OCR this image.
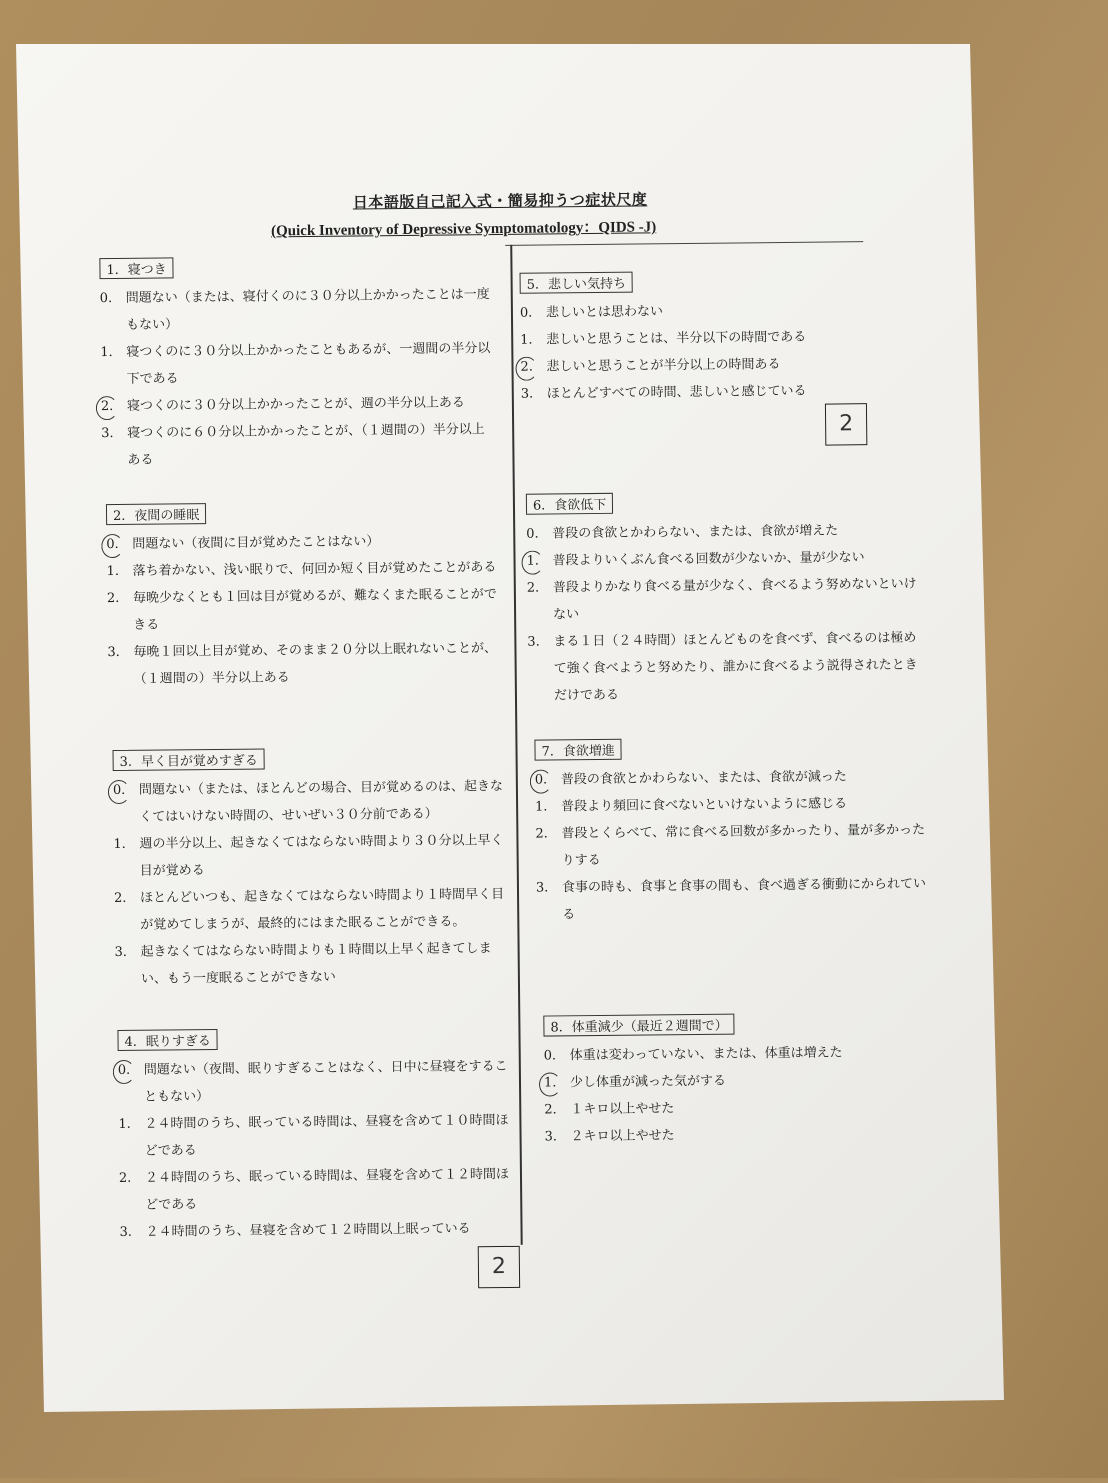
日本語版自己記入式・簡易抑うつ症状尺度
(Quick Inventory of Depressive Symptomatology：QIDS -J)
1．寝つき
0． 問題ない（または、寝付くのに３０分以上かかったことは一度もない）
1． 寝つくのに３０分以上かかったこともあるが、一週間の半分以下である
2． 寝つくのに３０分以上かかったことが、週の半分以上ある
3． 寝つくのに６０分以上かかったことが、（１週間の）半分以上ある
2．夜間の睡眠
0． 問題ない（夜間に目が覚めたことはない）
1． 落ち着かない、浅い眠りで、何回か短く目が覚めたことがある
2． 毎晩少なくとも１回は目が覚めるが、難なくまた眠ることができる
3． 毎晩１回以上目が覚め、そのまま２０分以上眠れないことが、（１週間の）半分以上ある
3．早く目が覚めすぎる
0． 問題ない（または、ほとんどの場合、目が覚めるのは、起きなくてはいけない時間の、せいぜい３０分前である）
1． 週の半分以上、起きなくてはならない時間より３０分以上早く目が覚める
2． ほとんどいつも、起きなくてはならない時間より１時間早く目が覚めてしまうが、最終的にはまた眠ることができる。
3． 起きなくてはならない時間よりも１時間以上早く起きてしまい、もう一度眠ることができない
4．眠りすぎる
0． 問題ない（夜間、眠りすぎることはなく、日中に昼寝をすることもない）
1． ２４時間のうち、眠っている時間は、昼寝を含めて１０時間ほどである
2． ２４時間のうち、眠っている時間は、昼寝を含めて１２時間ほどである
3． ２４時間のうち、昼寝を含めて１２時間以上眠っている
5．悲しい気持ち
0． 悲しいとは思わない
1． 悲しいと思うことは、半分以下の時間である
2． 悲しいと思うことが半分以上の時間ある
3． ほとんどすべての時間、悲しいと感じている
2
6．食欲低下
0． 普段の食欲とかわらない、または、食欲が増えた
1． 普段よりいくぶん食べる回数が少ないか、量が少ない
2． 普段よりかなり食べる量が少なく、食べるよう努めないといけない
3． まる１日（２４時間）ほとんどものを食べず、食べるのは極めて強く食べようと努めたり、誰かに食べるよう説得されたときだけである
7．食欲増進
0． 普段の食欲とかわらない、または、食欲が減った
1． 普段より頻回に食べないといけないように感じる
2． 普段とくらべて、常に食べる回数が多かったり、量が多かったりする
3． 食事の時も、食事と食事の間も、食べ過ぎる衝動にかられている
8．体重減少（最近２週間で）
0． 体重は変わっていない、または、体重は増えた
1． 少し体重が減った気がする
2． １キロ以上やせた
3． ２キロ以上やせた
2
